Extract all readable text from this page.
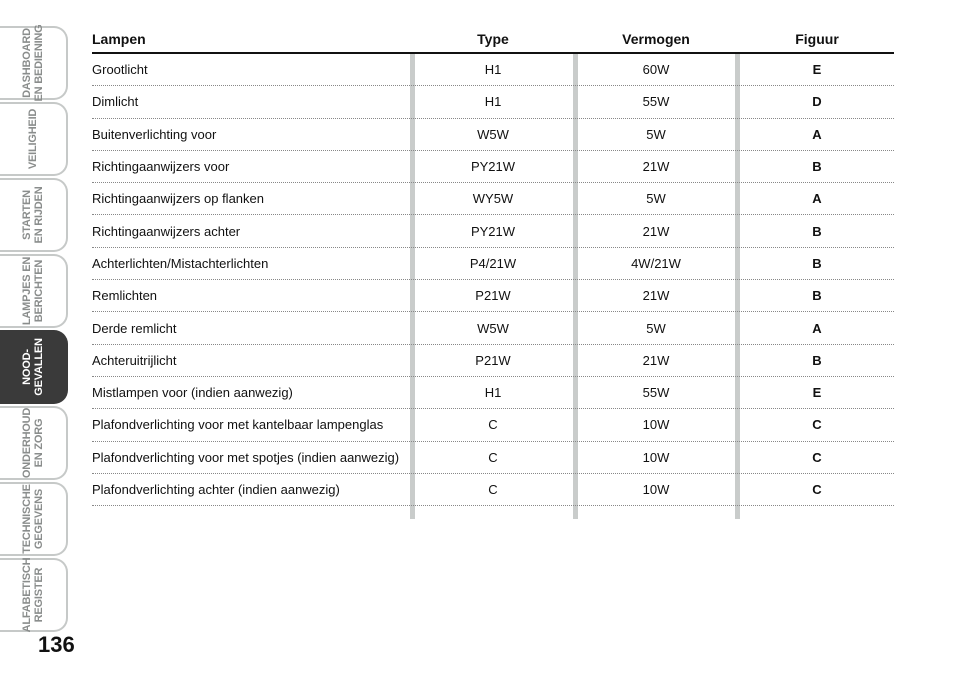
DASHBOARD
EN BEDIENING
VEILIGHEID
STARTEN
EN RIJDEN
LAMPJES EN
BERICHTEN
NOOD-
GEVALLEN
ONDERHOUD
EN ZORG
TECHNISCHE
GEGEVENS
ALFABETISCH
REGISTER
136
Lampen	Type	Vermogen	Figuur
Grootlicht	H1	60W	E
Dimlicht	H1	55W	D
Buitenverlichting voor	W5W	5W	A
Richtingaanwijzers voor	PY21W	21W	B
Richtingaanwijzers op flanken	WY5W	5W	A
Richtingaanwijzers achter	PY21W	21W	B
Achterlichten/Mistachterlichten	P4/21W	4W/21W	B
Remlichten	P21W	21W	B
Derde remlicht	W5W	5W	A
Achteruitrijlicht	P21W	21W	B
Mistlampen voor (indien aanwezig)	H1	55W	E
Plafondverlichting voor met kantelbaar lampenglas	C	10W	C
Plafondverlichting voor met spotjes (indien aanwezig)	C	10W	C
Plafondverlichting achter (indien aanwezig)	C	10W	C
